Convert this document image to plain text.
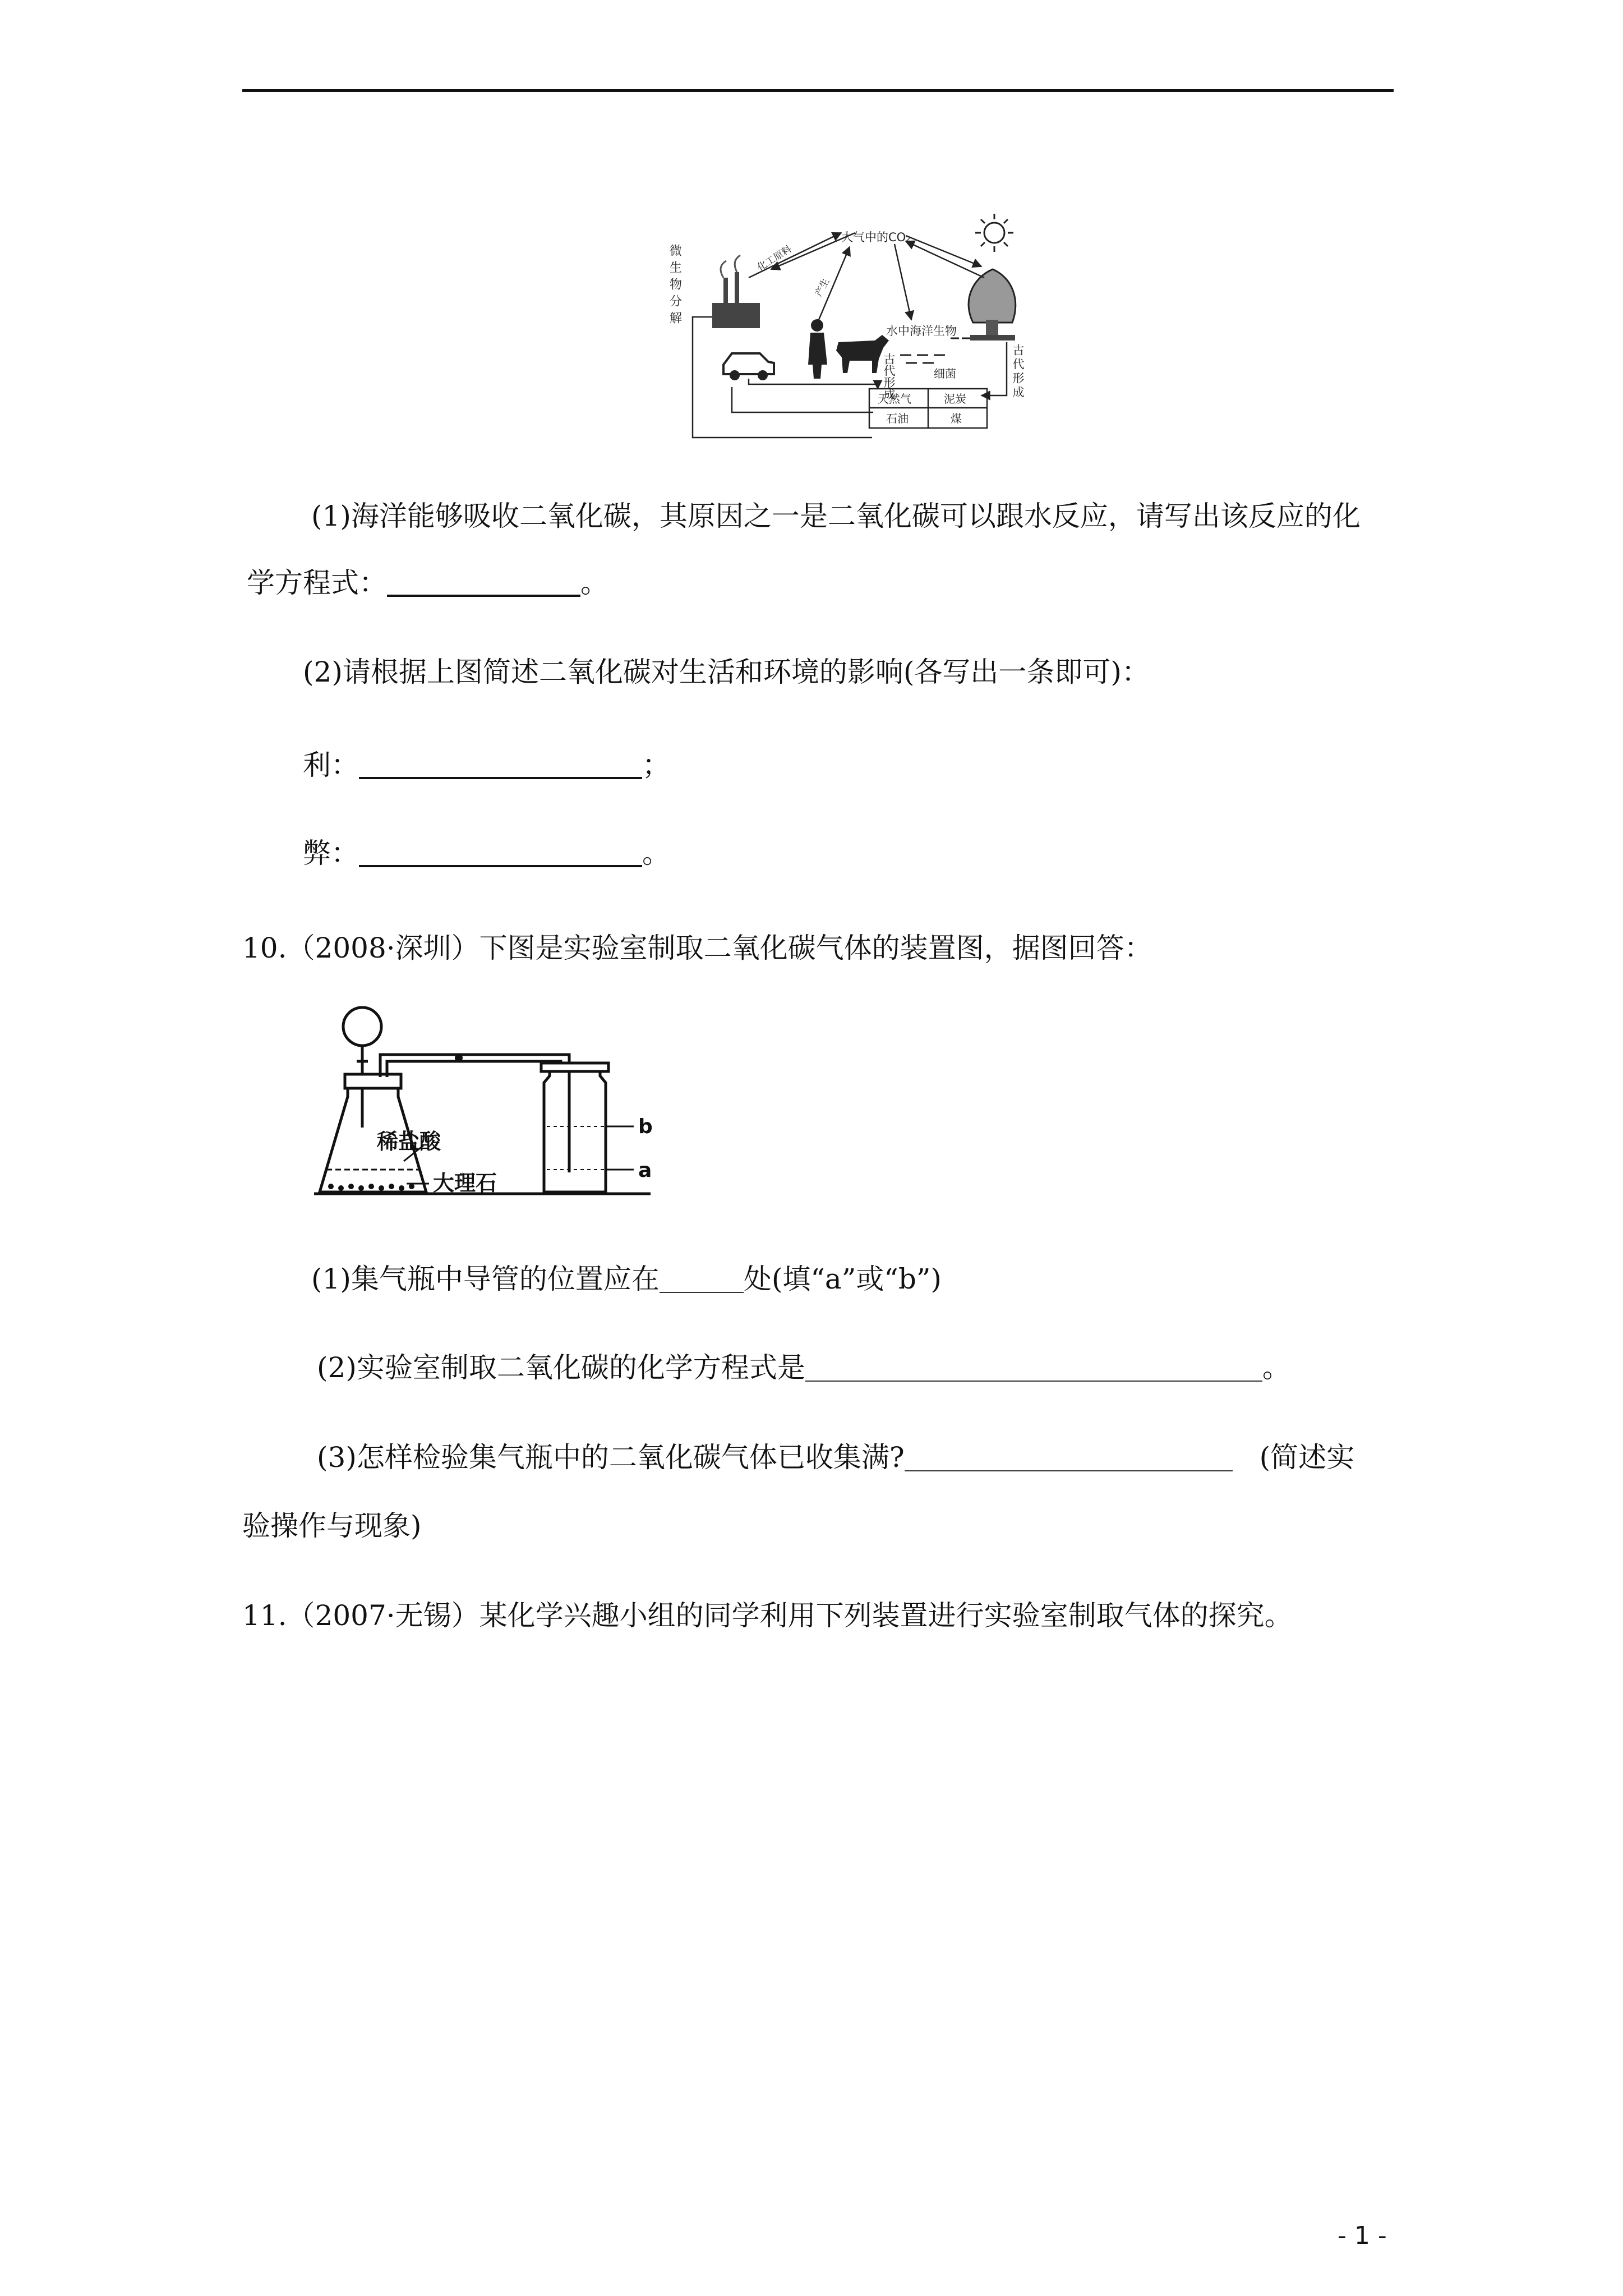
大气中的CO₂
化工原料
产生
微生物分解
水中海洋生物
古代形成	古代形成
细菌
天然气	泥炭
石油	煤
(1)海洋能够吸收二氧化碳，其原因之一是二氧化碳可以跟水反应，请写出该反应的化
学方程式：	。
(2)请根据上图简述二氧化碳对生活和环境的影响(各写出一条即可)：
利：	；
弊：	。
10.（2008·深圳）下图是实验室制取二氧化碳气体的装置图，据图回答：
稀盐酸
大理石
b
a
(1)集气瓶中导管的位置应在	处(填“a”或“b”)
(2)实验室制取二氧化碳的化学方程式是	。
(3)怎样检验集气瓶中的二氧化碳气体已收集满?	(简述实
验操作与现象)
11.（2007·无锡）某化学兴趣小组的同学利用下列装置进行实验室制取气体的探究。
- 1 -
